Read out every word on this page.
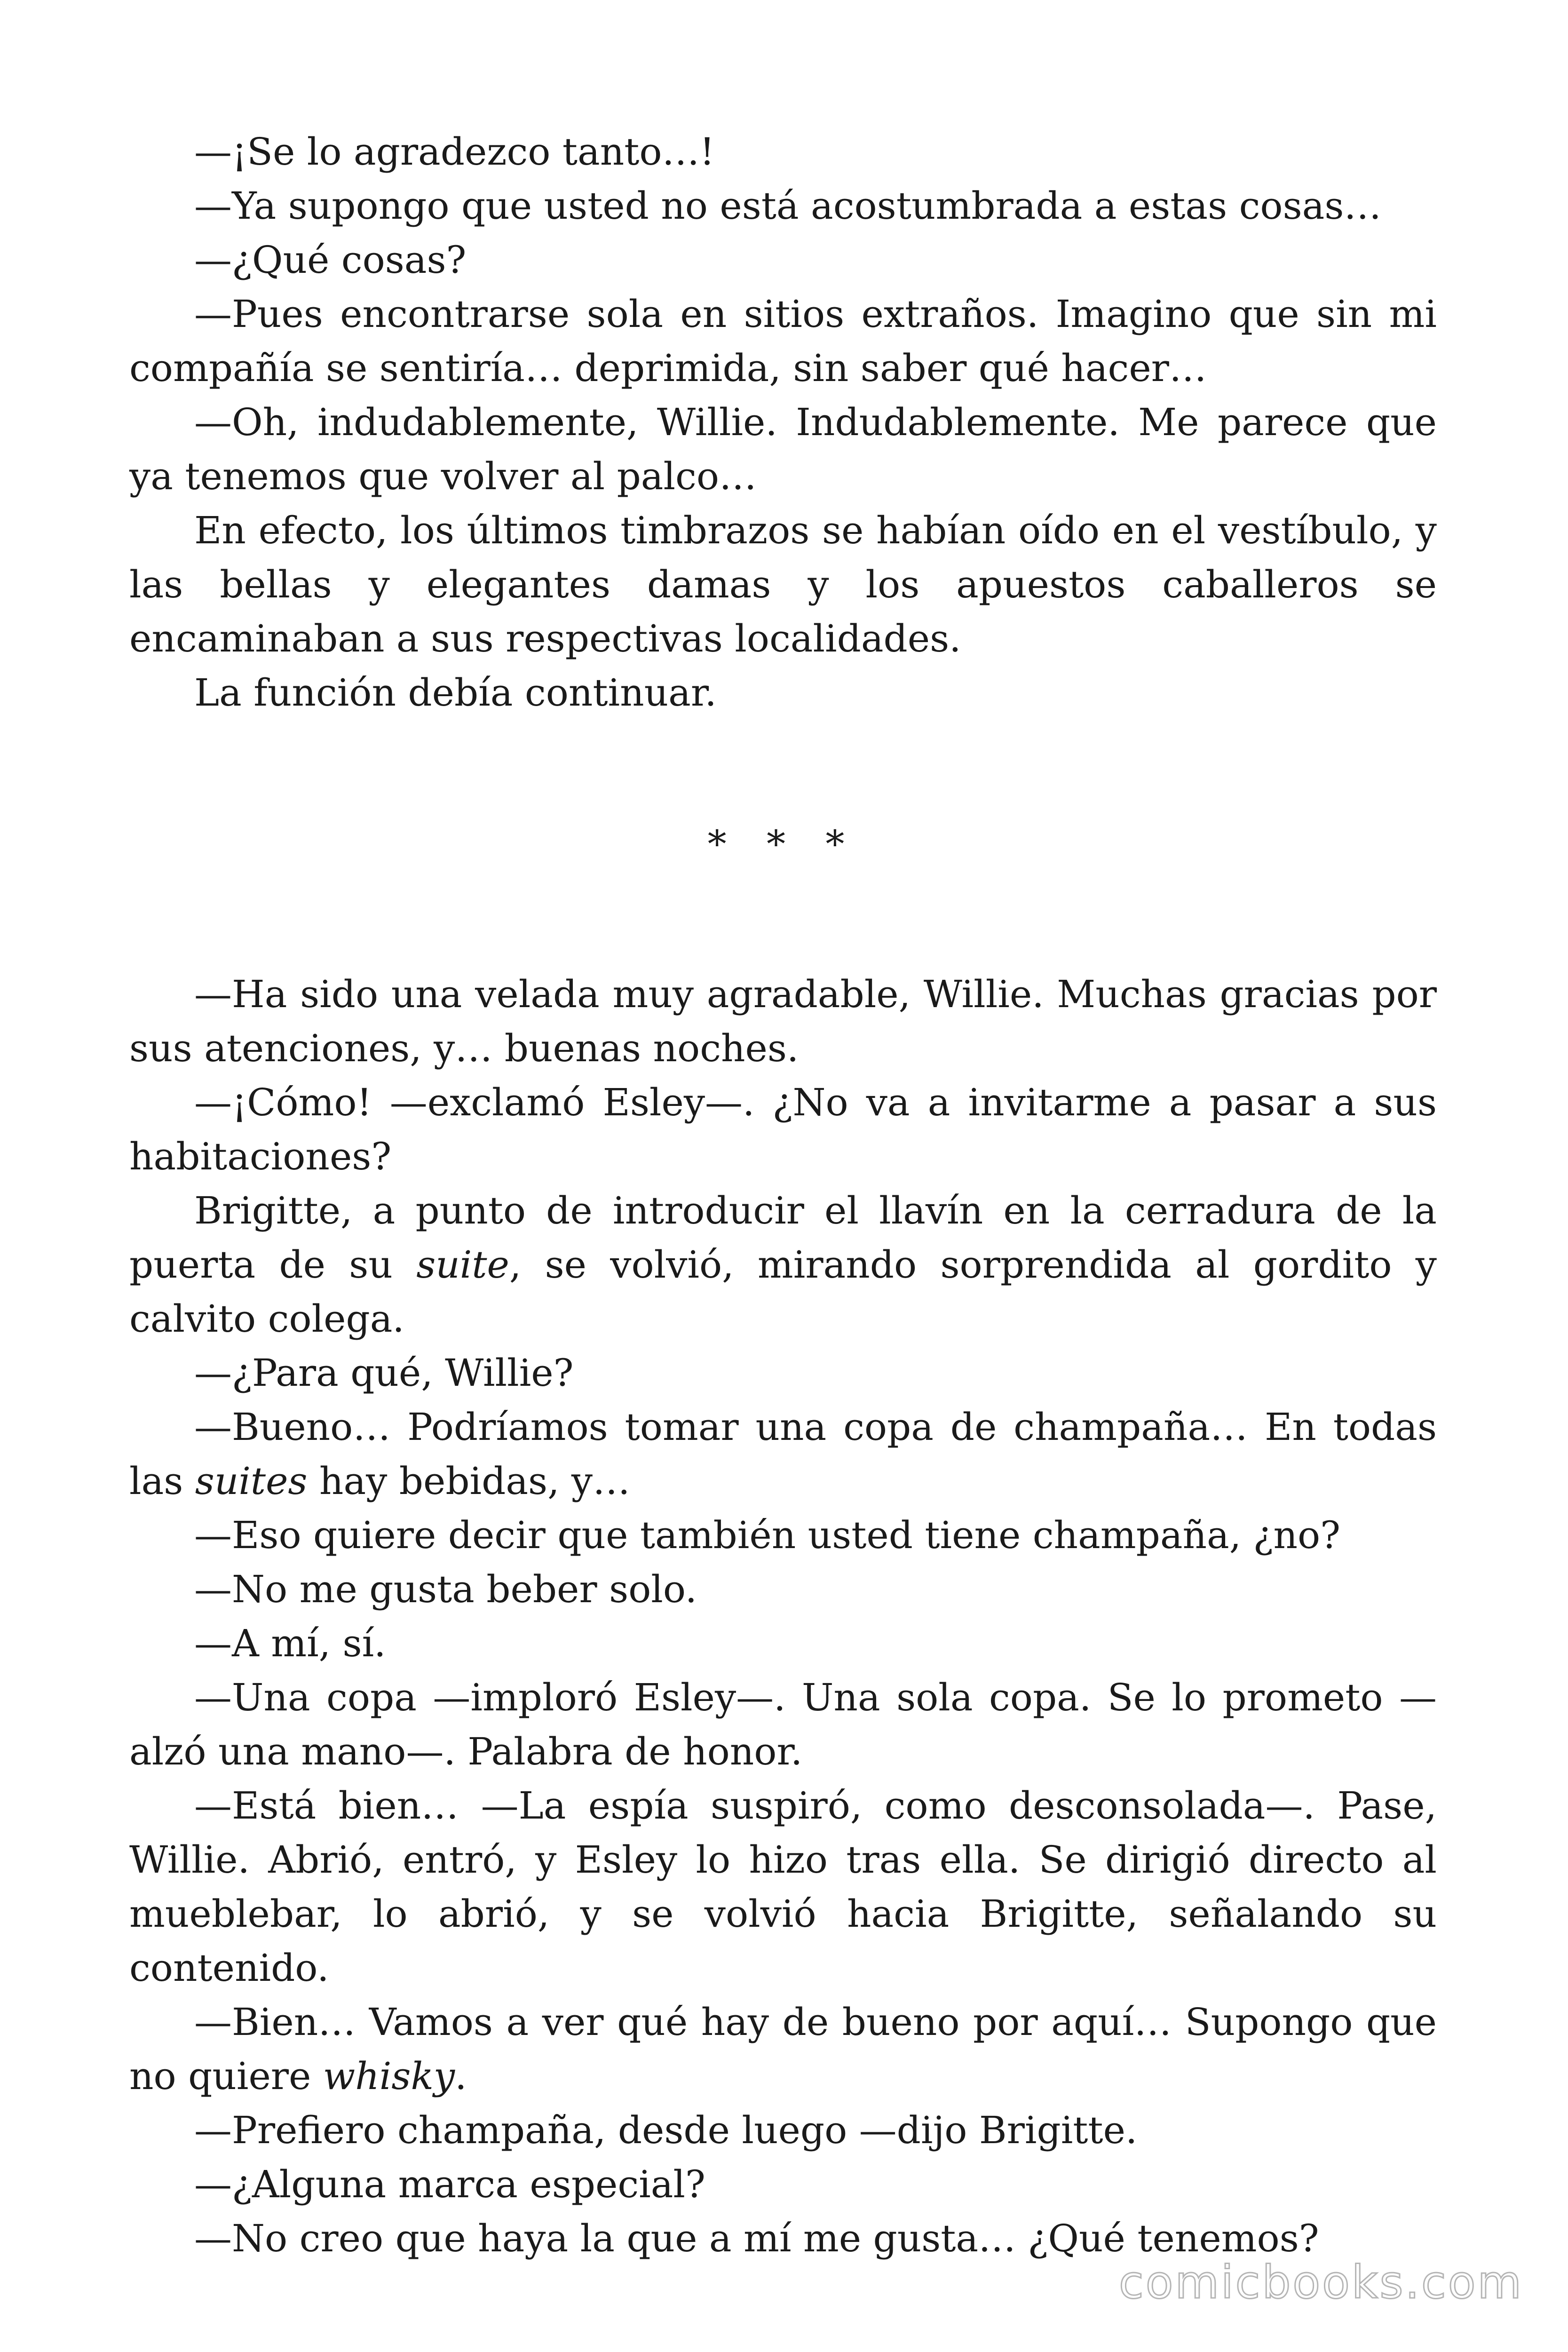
—¡Se lo agradezco tanto…!

—Ya supongo que usted no está acostumbrada a estas cosas…

—¿Qué cosas?

—Pues encontrarse sola en sitios extraños. Imagino que sin mi compañía se sentiría… deprimida, sin saber qué hacer…

—Oh, indudablemente, Willie. Indudablemente. Me parece que ya tenemos que volver al palco…

En efecto, los últimos timbrazos se habían oído en el vestíbulo, y las bellas y elegantes damas y los apuestos caballeros se encaminaban a sus respectivas localidades.

La función debía continuar.

* * *

—Ha sido una velada muy agradable, Willie. Muchas gracias por sus atenciones, y… buenas noches.

—¡Cómo! —exclamó Esley—. ¿No va a invitarme a pasar a sus habitaciones?

Brigitte, a punto de introducir el llavín en la cerradura de la puerta de su suite, se volvió, mirando sorprendida al gordito y calvito colega.

—¿Para qué, Willie?

—Bueno… Podríamos tomar una copa de champaña… En todas las suites hay bebidas, y…

—Eso quiere decir que también usted tiene champaña, ¿no?

—No me gusta beber solo.

—A mí, sí.

—Una copa —imploró Esley—. Una sola copa. Se lo prometo — alzó una mano—. Palabra de honor.

—Está bien… —La espía suspiró, como desconsolada—. Pase, Willie. Abrió, entró, y Esley lo hizo tras ella. Se dirigió directo al mueblebar, lo abrió, y se volvió hacia Brigitte, señalando su contenido.

—Bien… Vamos a ver qué hay de bueno por aquí… Supongo que no quiere whisky.

—Prefiero champaña, desde luego —dijo Brigitte.

—¿Alguna marca especial?

—No creo que haya la que a mí me gusta… ¿Qué tenemos?

comicbooks.com
